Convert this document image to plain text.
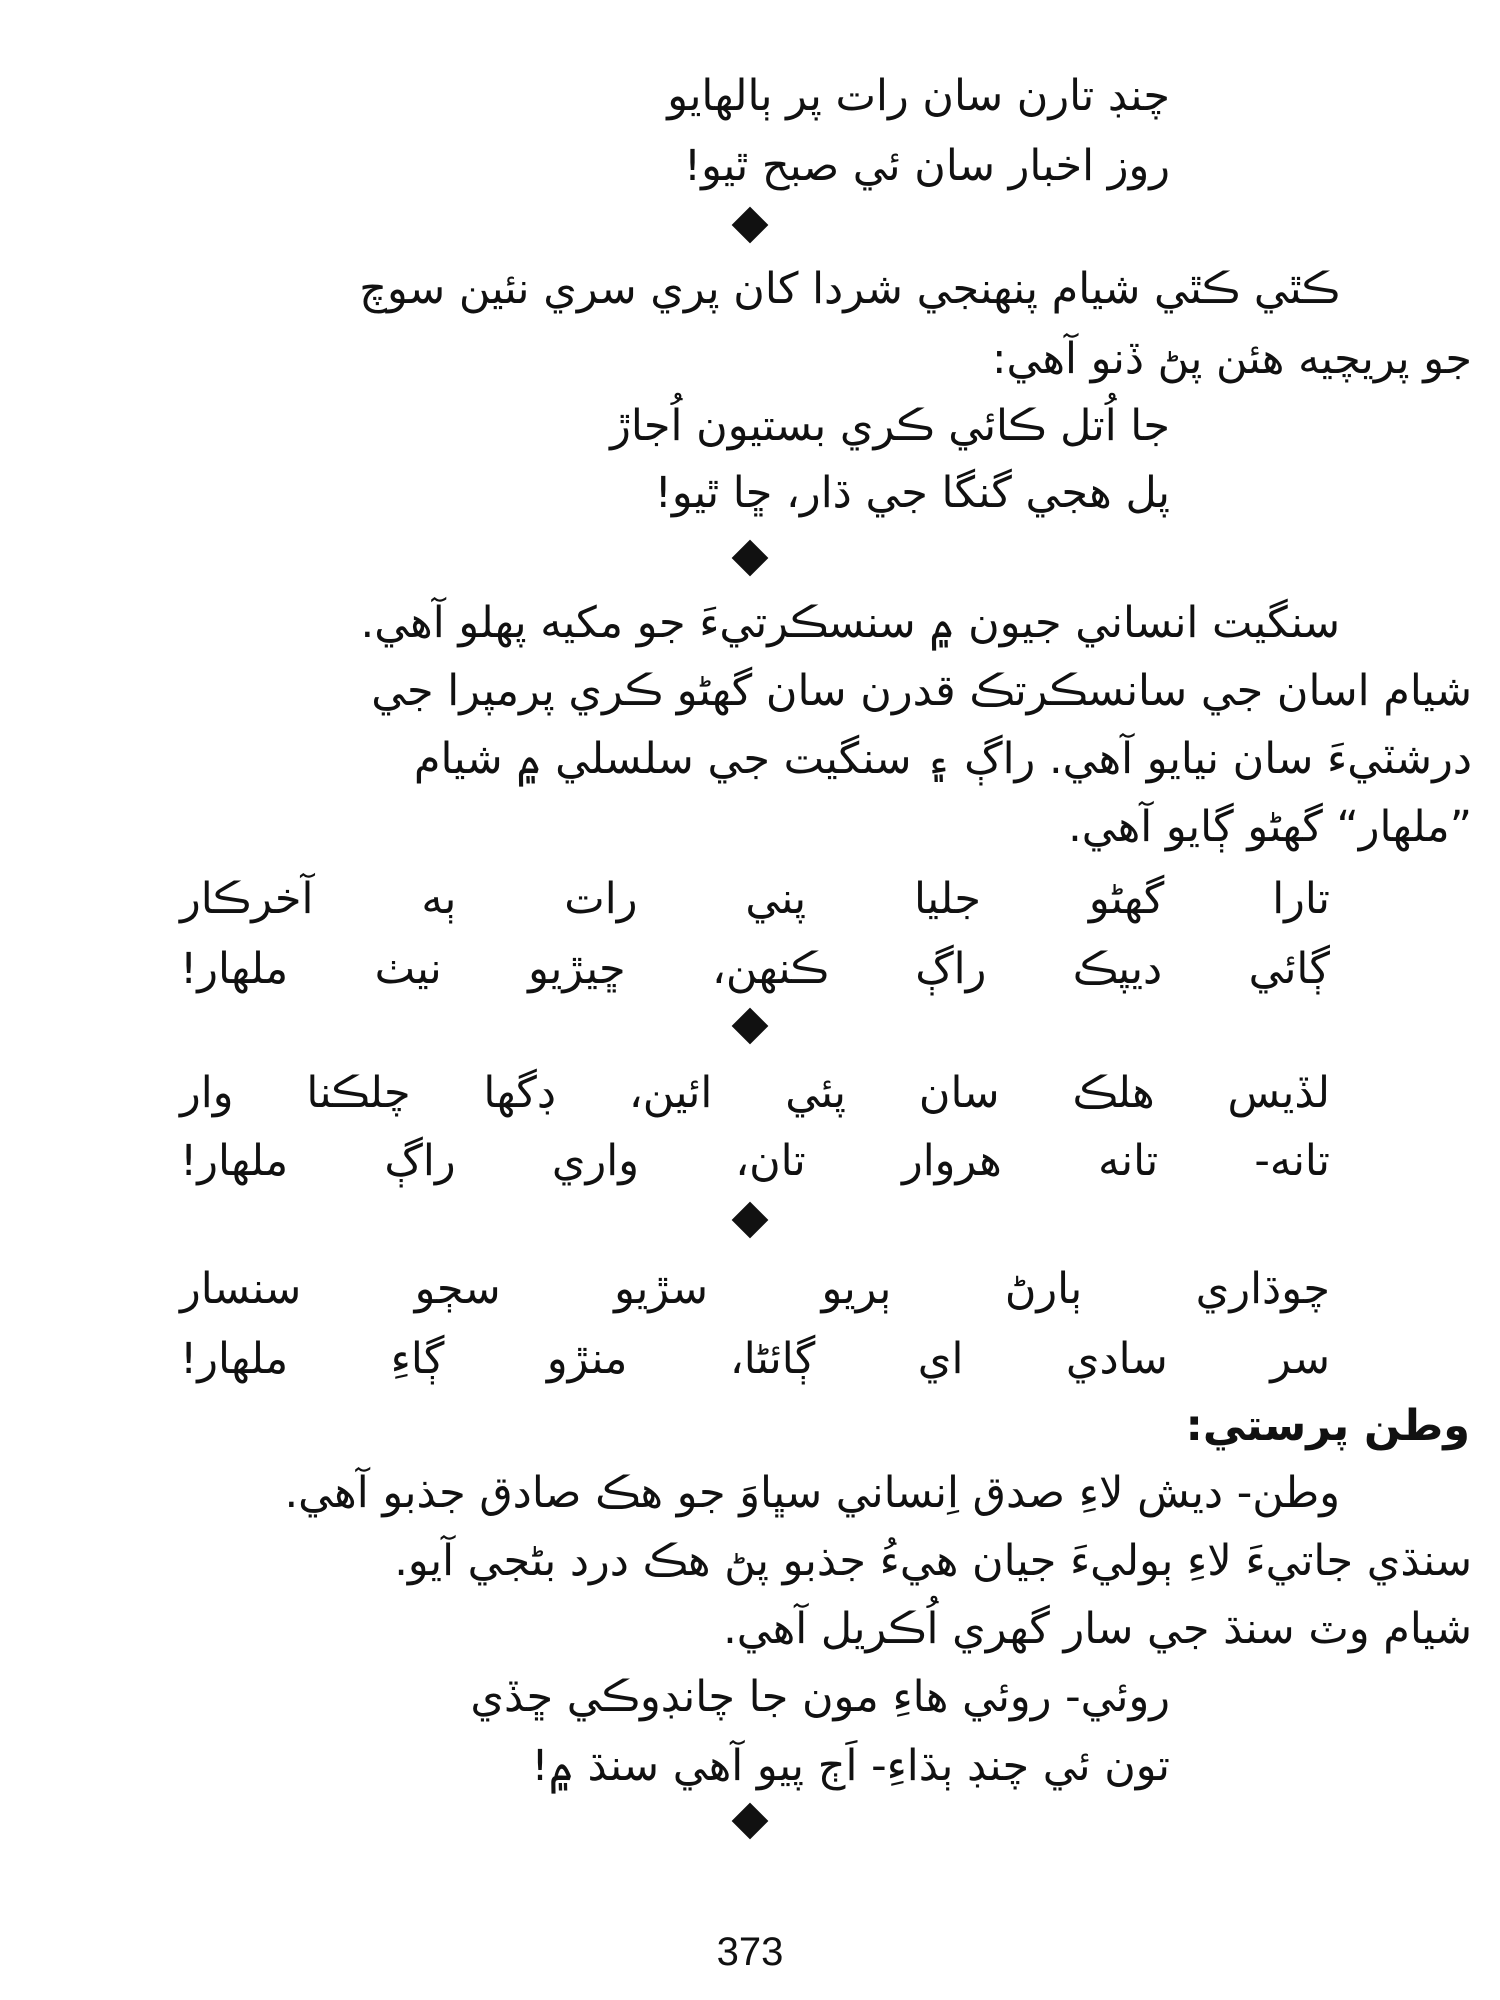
چنڊ تارن سان رات پر ٻالهايو
روز اخبار سان ئي صبح ٿيو!
ڪٿي ڪٿي شيام پنهنجي شردا کان پري سري نئين سوچ
جو پريچيه هئن پڻ ڏنو آهي:
جا اُتل ڪائي ڪري بستيون اُجاڙ
پل هجي گنگا جي ڌار، ڇا ٿيو!
سنگيت انساني جيون ۾ سنسڪرتيءَ جو مکيه پهلو آهي.
شيام اسان جي سانسڪرتڪ قدرن سان گهڻو ڪري پرمپرا جي
درشٽيءَ سان نيايو آهي. راڳ ۽ سنگيت جي سلسلي ۾ شيام
”ملهار“ گهڻو ڳايو آهي.
تارا گهڻو جليا پني رات ٻه آخرڪار
ڳائي ديپڪ راڳ ڪنهن، ڇيڙيو نيٺ ملهار!
لڏيس هلڪ سان پئي ائين، ڊگها چلڪنا وار
تانه- تانه هروار تان، واري راڳ ملهار!
چوڌاري ٻارڻ ٻريو سڙيو سڄو سنسار
سر سادي اي ڳائڻا، منڙو ڳاءِ ملهار!
وطن پرستي:
وطن- ديش لاءِ صدق اِنساني سڀاوَ جو هڪ صادق جذبو آهي.
سنڌي جاتيءَ لاءِ ٻوليءَ جيان هيءُ جذبو پڻ هڪ درد بڻجي آيو.
شيام وٽ سنڌ جي سار گهري اُڪريل آهي.
روئي- روئي هاءِ مون جا چانڊوڪي ڇڏي
تون ئي چنڊ ٻڌاءِ- اَڄ پيو آهي سنڌ ۾!
373
